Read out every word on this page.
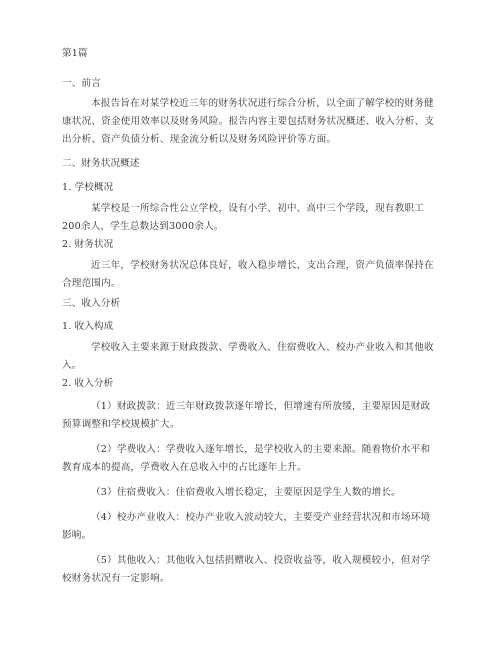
第1篇
一、前言
本报告旨在对某学校近三年的财务状况进行综合分析，以全面了解学校的财务健康状况、资金使用效率以及财务风险。报告内容主要包括财务状况概述、收入分析、支出分析、资产负债分析、现金流分析以及财务风险评价等方面。
二、财务状况概述
1. 学校概况
某学校是一所综合性公立学校，设有小学、初中、高中三个学段，现有教职工200余人，学生总数达到3000余人。
2. 财务状况
近三年，学校财务状况总体良好，收入稳步增长，支出合理，资产负债率保持在合理范围内。
三、收入分析
1. 收入构成
学校收入主要来源于财政拨款、学费收入、住宿费收入、校办产业收入和其他收入。
2. 收入分析
（1）财政拨款：近三年财政拨款逐年增长，但增速有所放缓，主要原因是财政预算调整和学校规模扩大。
（2）学费收入：学费收入逐年增长，是学校收入的主要来源。随着物价水平和教育成本的提高，学费收入在总收入中的占比逐年上升。
（3）住宿费收入：住宿费收入增长稳定，主要原因是学生人数的增长。
（4）校办产业收入：校办产业收入波动较大，主要受产业经营状况和市场环境影响。
（5）其他收入：其他收入包括捐赠收入、投资收益等，收入规模较小，但对学校财务状况有一定影响。
